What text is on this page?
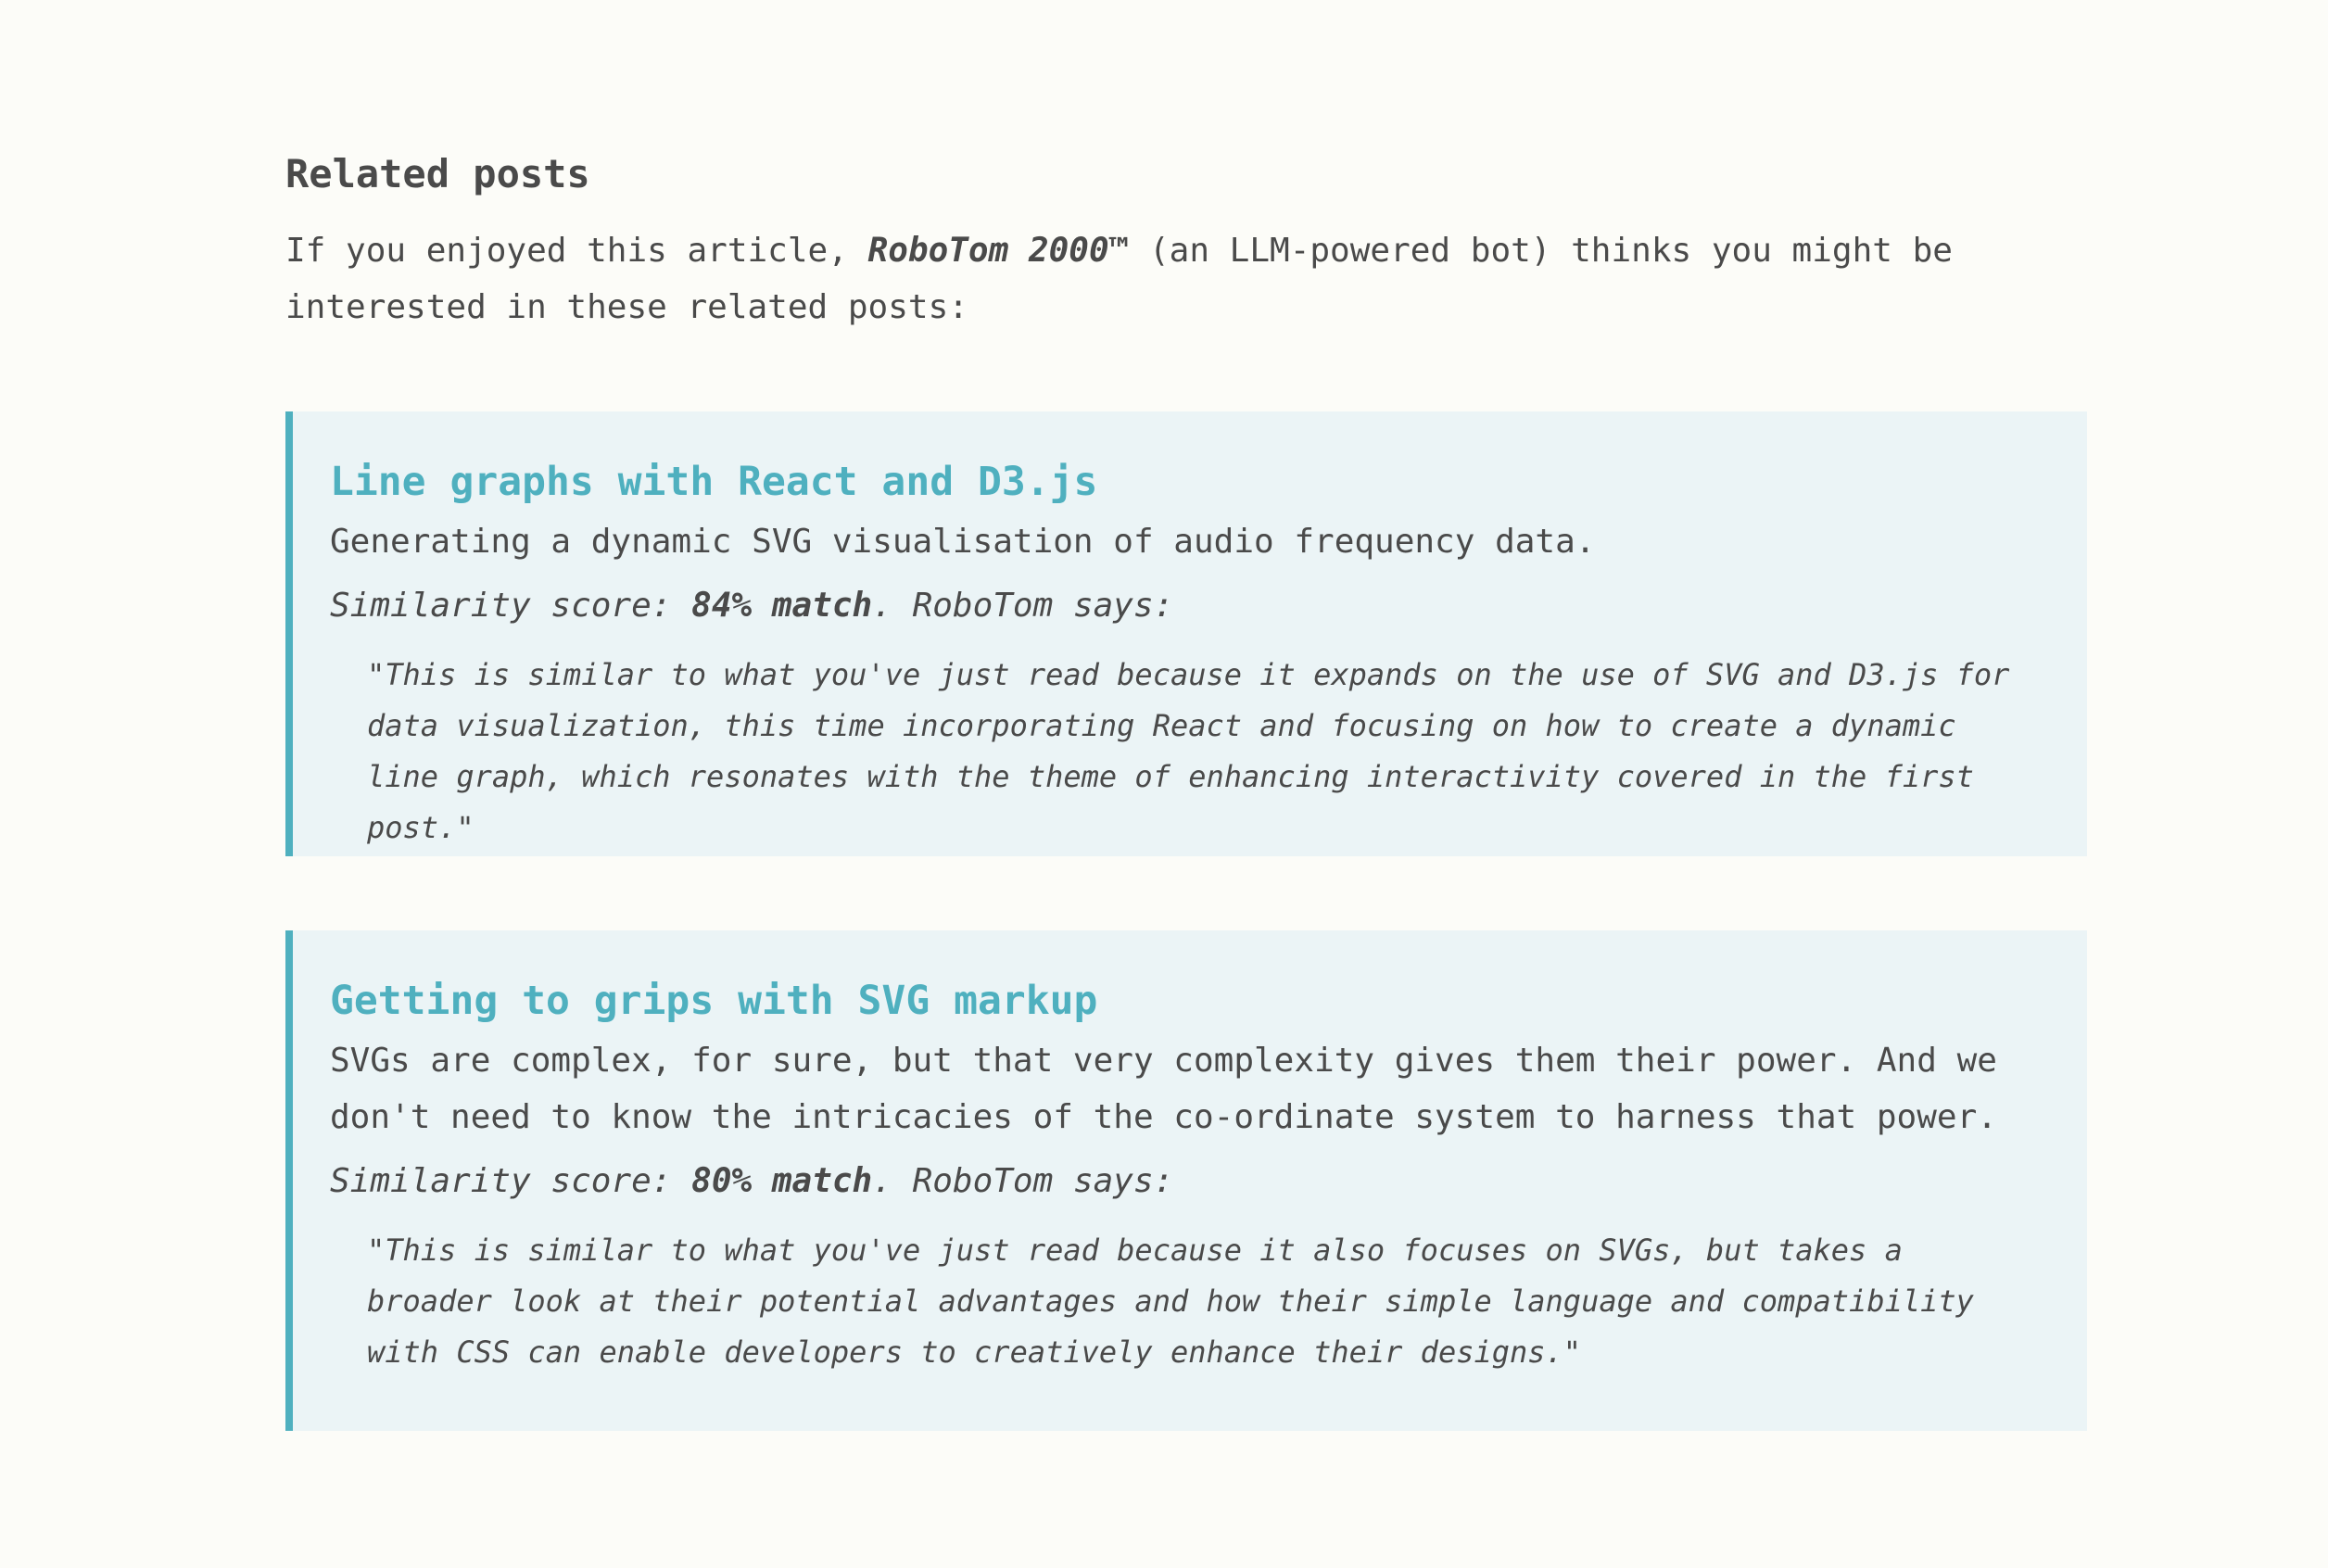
Related posts

If you enjoyed this article, RoboTom 2000™ (an LLM-powered bot) thinks you might be interested in these related posts:

Line graphs with React and D3.js

Generating a dynamic SVG visualisation of audio frequency data.

Similarity score: 84% match. RoboTom says:

"This is similar to what you've just read because it expands on the use of SVG and D3.js for data visualization, this time incorporating React and focusing on how to create a dynamic line graph, which resonates with the theme of enhancing interactivity covered in the first post."
Getting to grips with SVG markup

SVGs are complex, for sure, but that very complexity gives them their power. And we don't need to know the intricacies of the co-ordinate system to harness that power.

Similarity score: 80% match. RoboTom says:

"This is similar to what you've just read because it also focuses on SVGs, but takes a broader look at their potential advantages and how their simple language and compatibility with CSS can enable developers to creatively enhance their designs."
